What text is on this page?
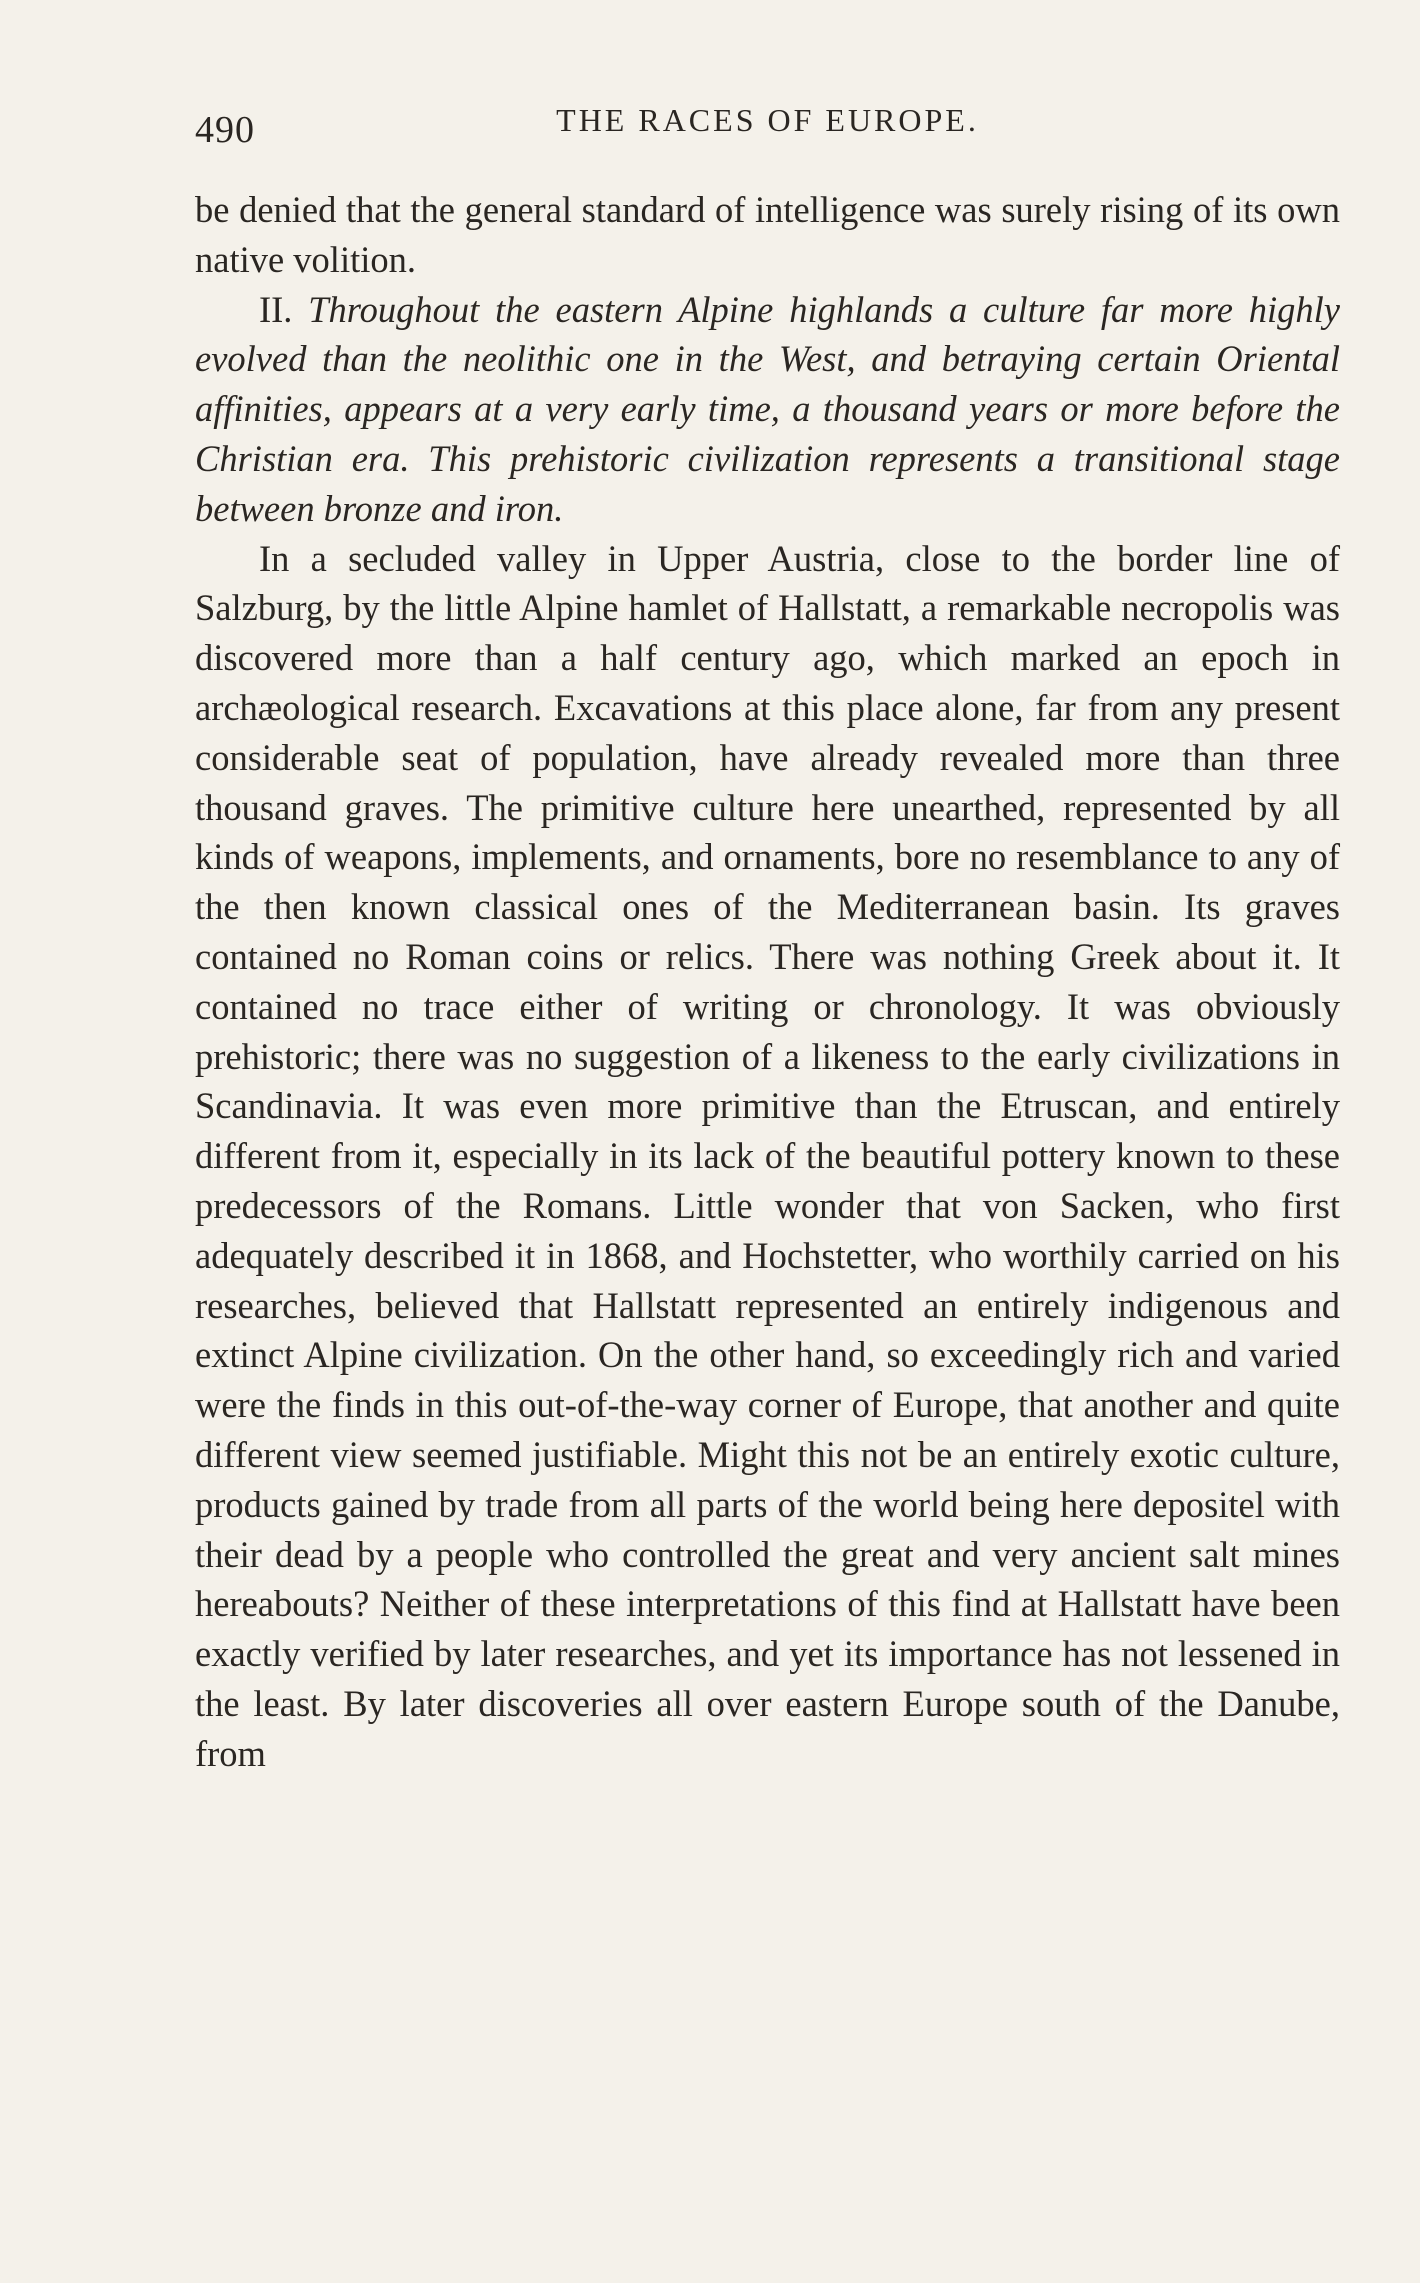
490	THE RACES OF EUROPE.

be denied that the general standard of intelligence was surely rising of its own native volition.

II. Throughout the eastern Alpine highlands a culture far more highly evolved than the neolithic one in the West, and betraying certain Oriental affinities, appears at a very early time, a thousand years or more before the Christian era. This prehistoric civilization represents a transitional stage between bronze and iron.

In a secluded valley in Upper Austria, close to the border line of Salzburg, by the little Alpine hamlet of Hallstatt, a remarkable necropolis was discovered more than a half century ago, which marked an epoch in archæological research. Excavations at this place alone, far from any present considerable seat of population, have already revealed more than three thousand graves. The primitive culture here unearthed, represented by all kinds of weapons, implements, and ornaments, bore no resemblance to any of the then known classical ones of the Mediterranean basin. Its graves contained no Roman coins or relics. There was nothing Greek about it. It contained no trace either of writing or chronology. It was obviously prehistoric; there was no suggestion of a likeness to the early civilizations in Scandinavia. It was even more primitive than the Etruscan, and entirely different from it, especially in its lack of the beautiful pottery known to these predecessors of the Romans. Little wonder that von Sacken, who first adequately described it in 1868, and Hochstetter, who worthily carried on his researches, believed that Hallstatt represented an entirely indigenous and extinct Alpine civilization. On the other hand, so exceedingly rich and varied were the finds in this out-of-the-way corner of Europe, that another and quite different view seemed justifiable. Might this not be an entirely exotic culture, products gained by trade from all parts of the world being here depositel with their dead by a people who controlled the great and very ancient salt mines hereabouts? Neither of these interpretations of this find at Hallstatt have been exactly verified by later researches, and yet its importance has not lessened in the least. By later discoveries all over eastern Europe south of the Danube, from
